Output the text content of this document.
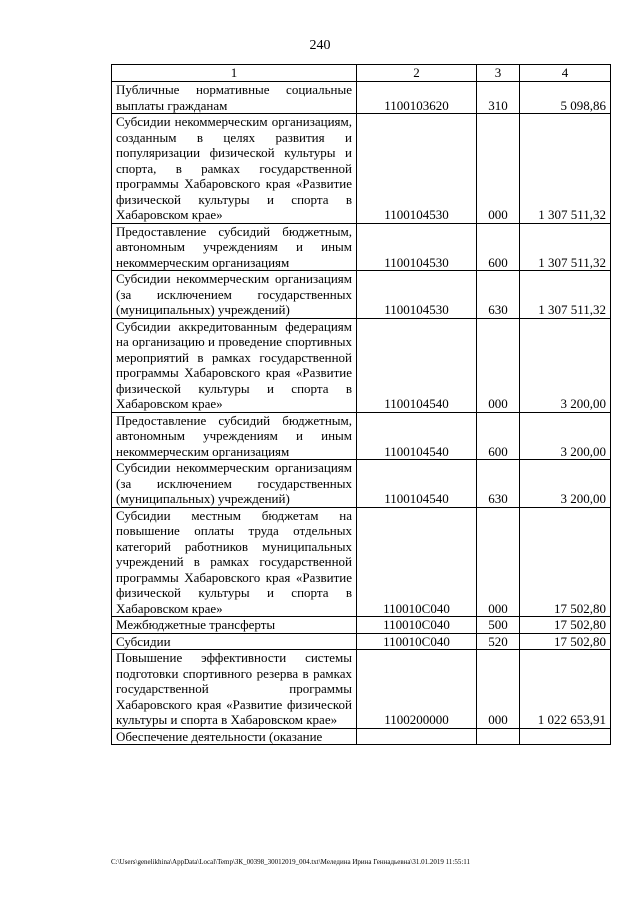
240
1	2	3	4
Публичные нормативные социальные выплаты гражданам	1100103620	310	5 098,86
Субсидии некоммерческим организациям, созданным в целях развития и популяризации физической культуры и спорта, в рамках государственной программы Хабаровского края «Развитие физической культуры и спорта в Хабаровском крае»	1100104530	000	1 307 511,32
Предоставление субсидий бюджетным, автономным учреждениям и иным некоммерческим организациям	1100104530	600	1 307 511,32
Субсидии некоммерческим организациям (за исключением государственных (муниципальных) учреждений)	1100104530	630	1 307 511,32
Субсидии аккредитованным федерациям на организацию и проведение спортивных мероприятий в рамках государственной программы Хабаровского края «Развитие физической культуры и спорта в Хабаровском крае»	1100104540	000	3 200,00
Предоставление субсидий бюджетным, автономным учреждениям и иным некоммерческим организациям	1100104540	600	3 200,00
Субсидии некоммерческим организациям (за исключением государственных (муниципальных) учреждений)	1100104540	630	3 200,00
Субсидии местным бюджетам на повышение оплаты труда отдельных категорий работников муниципальных учреждений в рамках государственной программы Хабаровского края «Развитие физической культуры и спорта в Хабаровском крае»	110010С040	000	17 502,80
Межбюджетные трансферты	110010С040	500	17 502,80
Субсидии	110010С040	520	17 502,80
Повышение эффективности системы подготовки спортивного резерва в рамках государственной программы Хабаровского края «Развитие физической культуры и спорта в Хабаровском крае»	1100200000	000	1 022 653,91
Обеспечение деятельности (оказание			
C:\Users\genelikhina\AppData\Local\Temp\ЗК_00398_30012019_004.txt\Меледина Ирина Геннадьевна\31.01.2019 11:55:11
